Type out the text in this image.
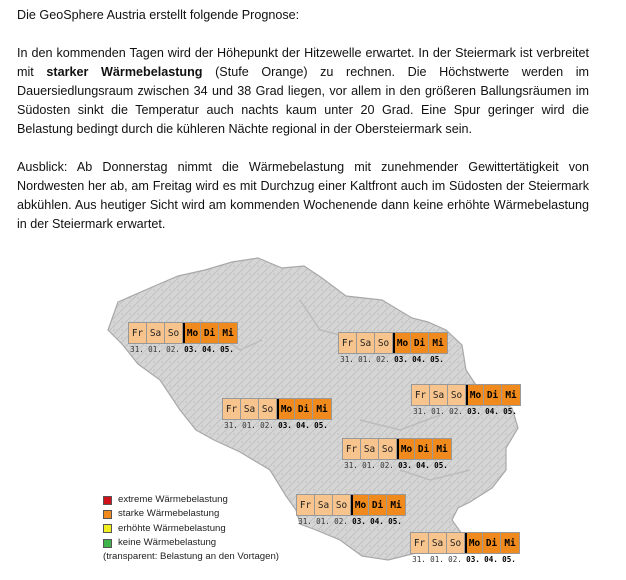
Die GeoSphere Austria erstellt folgende Prognose:

In den kommenden Tagen wird der Höhepunkt der Hitzewelle erwartet. In der Steiermark ist verbreitet mit starker Wärmebelastung (Stufe Orange) zu rechnen. Die Höchstwerte werden im Dauersiedlungsraum zwischen 34 und 38 Grad liegen, vor allem in den größeren Ballungsräumen im Südosten sinkt die Temperatur auch nachts kaum unter 20 Grad. Eine Spur geringer wird die Belastung bedingt durch die kühleren Nächte regional in der Obersteiermark sein.

Ausblick: Ab Donnerstag nimmt die Wärmebelastung mit zunehmender Gewittertätigkeit von Nordwesten her ab, am Freitag wird es mit Durchzug einer Kaltfront auch im Südosten der Steiermark abkühlen. Aus heutiger Sicht wird am kommenden Wochenende dann keine erhöhte Wärmebelastung in der Steiermark erwartet.

Fr Sa So Mo Di Mi
31. 01. 02. 03. 04. 05.
Fr Sa So Mo Di Mi
31. 01. 02. 03. 04. 05.
Fr Sa So Mo Di Mi
31. 01. 02. 03. 04. 05.
Fr Sa So Mo Di Mi
31. 01. 02. 03. 04. 05.
Fr Sa So Mo Di Mi
31. 01. 02. 03. 04. 05.
Fr Sa So Mo Di Mi
31. 01. 02. 03. 04. 05.
Fr Sa So Mo Di Mi
31. 01. 02. 03. 04. 05.
extreme Wärmebelastung
starke Wärmebelastung
erhöhte Wärmebelastung
keine Wärmebelastung
(transparent: Belastung an den Vortagen)
